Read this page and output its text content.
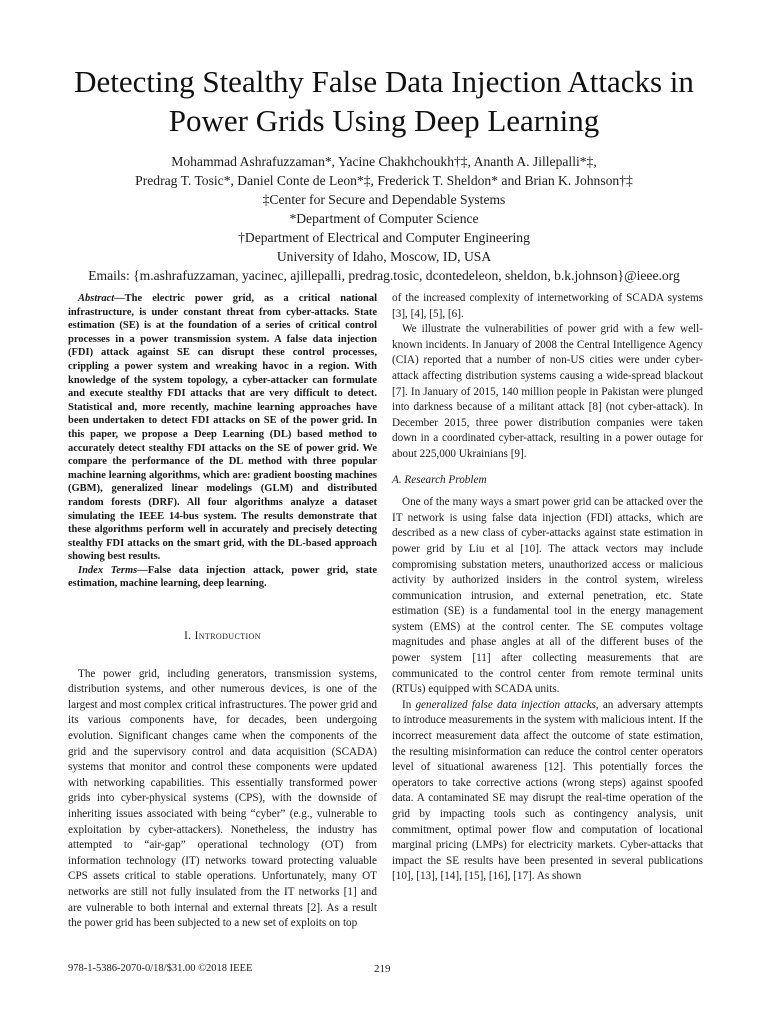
Detecting Stealthy False Data Injection Attacks in
Power Grids Using Deep Learning
Mohammad Ashrafuzzaman*, Yacine Chakhchoukh†‡, Ananth A. Jillepalli*‡,
Predrag T. Tosic*, Daniel Conte de Leon*‡, Frederick T. Sheldon* and Brian K. Johnson†‡
‡Center for Secure and Dependable Systems
*Department of Computer Science
†Department of Electrical and Computer Engineering
University of Idaho, Moscow, ID, USA
Emails: {m.ashrafuzzaman, yacinec, ajillepalli, predrag.tosic, dcontedeleon, sheldon, b.k.johnson}@ieee.org

Abstract—The electric power grid, as a critical national infrastructure, is under constant threat from cyber-attacks. State estimation (SE) is at the foundation of a series of critical control processes in a power transmission system. A false data injection (FDI) attack against SE can disrupt these control processes, crippling a power system and wreaking havoc in a region. With knowledge of the system topology, a cyber-attacker can formulate and execute stealthy FDI attacks that are very difficult to detect. Statistical and, more recently, machine learning approaches have been undertaken to detect FDI attacks on SE of the power grid. In this paper, we propose a Deep Learning (DL) based method to accurately detect stealthy FDI attacks on the SE of power grid. We compare the performance of the DL method with three popular machine learning algorithms, which are: gradient boosting machines (GBM), generalized linear modelings (GLM) and distributed random forests (DRF). All four algorithms analyze a dataset simulating the IEEE 14-bus system. The results demonstrate that these algorithms perform well in accurately and precisely detecting stealthy FDI attacks on the smart grid, with the DL-based approach showing best results.

Index Terms—False data injection attack, power grid, state estimation, machine learning, deep learning.

I. Introduction

The power grid, including generators, transmission systems, distribution systems, and other numerous devices, is one of the largest and most complex critical infrastructures. The power grid and its various components have, for decades, been undergoing evolution. Significant changes came when the components of the grid and the supervisory control and data acquisition (SCADA) systems that monitor and control these components were updated with networking capabilities. This essentially transformed power grids into cyber-physical systems (CPS), with the downside of inheriting issues associated with being “cyber” (e.g., vulnerable to exploitation by cyber-attackers). Nonetheless, the industry has attempted to “air-gap” operational technology (OT) from information technology (IT) networks toward protecting valuable CPS assets critical to stable operations. Unfortunately, many OT networks are still not fully insulated from the IT networks [1] and are vulnerable to both internal and external threats [2]. As a result the power grid has been subjected to a new set of exploits on top

of the increased complexity of internetworking of SCADA systems [3], [4], [5], [6].

We illustrate the vulnerabilities of power grid with a few well-known incidents. In January of 2008 the Central Intelligence Agency (CIA) reported that a number of non-US cities were under cyber-attack affecting distribution systems causing a wide-spread blackout [7]. In January of 2015, 140 million people in Pakistan were plunged into darkness because of a militant attack [8] (not cyber-attack). In December 2015, three power distribution companies were taken down in a coordinated cyber-attack, resulting in a power outage for about 225,000 Ukrainians [9].

A. Research Problem

One of the many ways a smart power grid can be attacked over the IT network is using false data injection (FDI) attacks, which are described as a new class of cyber-attacks against state estimation in power grid by Liu et al [10]. The attack vectors may include compromising substation meters, unauthorized access or malicious activity by authorized insiders in the control system, wireless communication intrusion, and external penetration, etc. State estimation (SE) is a fundamental tool in the energy management system (EMS) at the control center. The SE computes voltage magnitudes and phase angles at all of the different buses of the power system [11] after collecting measurements that are communicated to the control center from remote terminal units (RTUs) equipped with SCADA units.

In generalized false data injection attacks, an adversary attempts to introduce measurements in the system with malicious intent. If the incorrect measurement data affect the outcome of state estimation, the resulting misinformation can reduce the control center operators level of situational awareness [12]. This potentially forces the operators to take corrective actions (wrong steps) against spoofed data. A contaminated SE may disrupt the real-time operation of the grid by impacting tools such as contingency analysis, unit commitment, optimal power flow and computation of locational marginal pricing (LMPs) for electricity markets. Cyber-attacks that impact the SE results have been presented in several publications [10], [13], [14], [15], [16], [17]. As shown

978-1-5386-2070-0/18/$31.00 ©2018 IEEE	219
